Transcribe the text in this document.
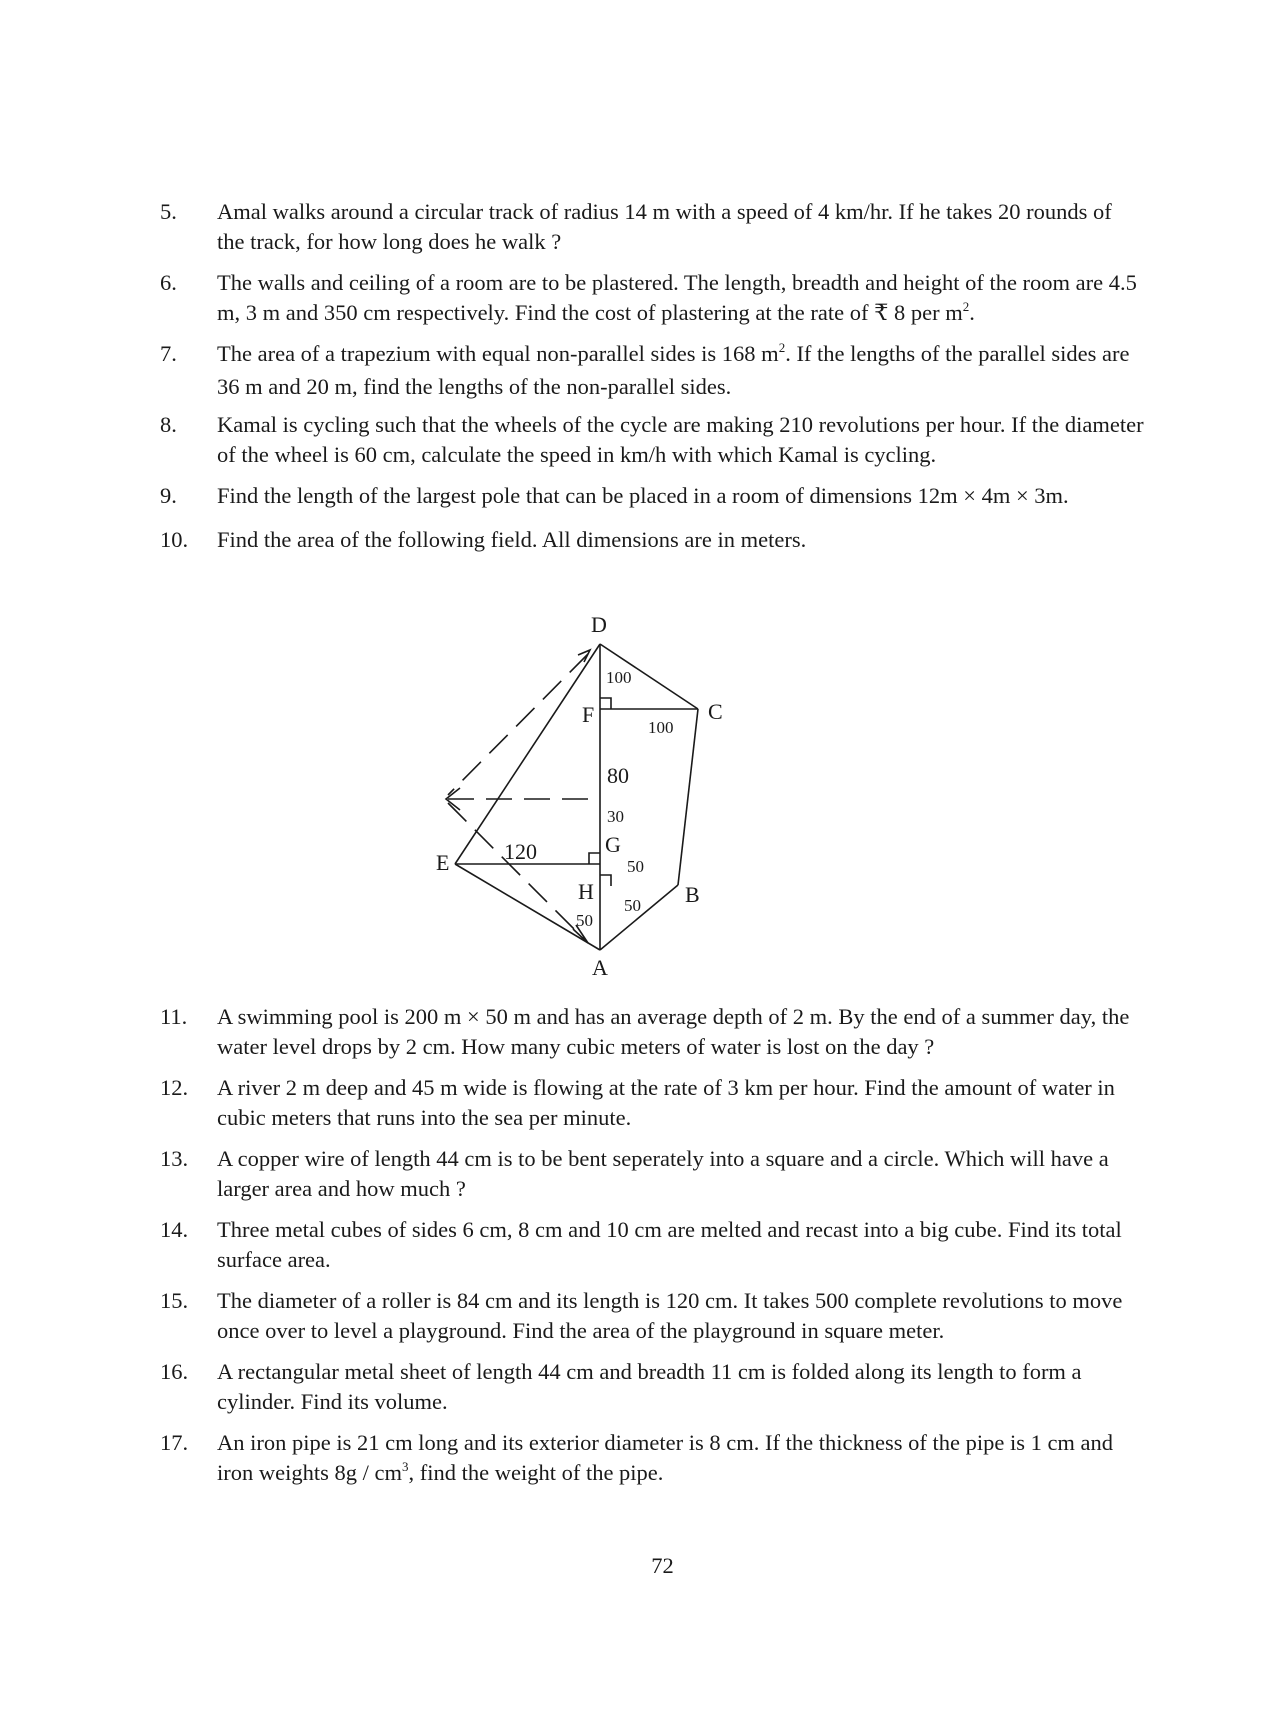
5. Amal walks around a circular track of radius 14 m with a speed of 4 km/hr. If he takes 20 rounds of
the track, for how long does he walk ?
6. The walls and ceiling of a room are to be plastered. The length, breadth and height of the room are 4.5
m, 3 m and 350 cm respectively. Find the cost of plastering at the rate of ₹ 8 per $m^2$.
7. The area of a trapezium with equal non-parallel sides is 168 $m^2$. If the lengths of the parallel sides are
36 m and 20 m, find the lengths of the non-parallel sides.
8. Kamal is cycling such that the wheels of the cycle are making 210 revolutions per hour. If the diameter
of the wheel is 60 cm, calculate the speed in km/h with which Kamal is cycling.
9. Find the length of the largest pole that can be placed in a room of dimensions 12m × 4m × 3m.
10. Find the area of the following field. All dimensions are in meters.
D
C
F
G
E
H	B
A
100
100
80
30
120
50
50
50
11. A swimming pool is 200 m × 50 m and has an average depth of 2 m. By the end of a summer day, the
water level drops by 2 cm. How many cubic meters of water is lost on the day ?
12. A river 2 m deep and 45 m wide is flowing at the rate of 3 km per hour. Find the amount of water in
cubic meters that runs into the sea per minute.
13. A copper wire of length 44 cm is to be bent seperately into a square and a circle. Which will have a
larger area and how much ?
14. Three metal cubes of sides 6 cm, 8 cm and 10 cm are melted and recast into a big cube. Find its total
surface area.
15. The diameter of a roller is 84 cm and its length is 120 cm. It takes 500 complete revolutions to move
once over to level a playground. Find the area of the playground in square meter.
16. A rectangular metal sheet of length 44 cm and breadth 11 cm is folded along its length to form a
cylinder. Find its volume.
17. An iron pipe is 21 cm long and its exterior diameter is 8 cm. If the thickness of the pipe is 1 cm and
iron weights $8g / cm^3$, find the weight of the pipe.
72
